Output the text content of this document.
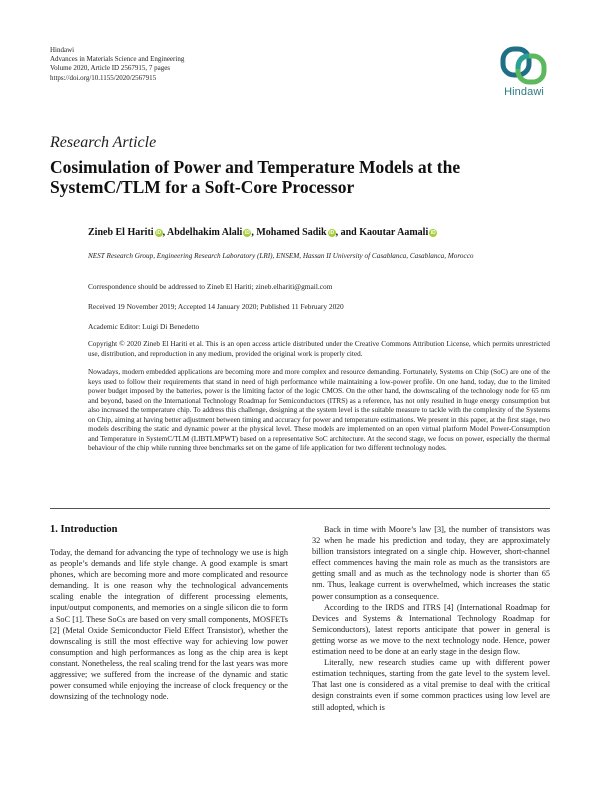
Hindawi
Advances in Materials Science and Engineering
Volume 2020, Article ID 2567915, 7 pages
https://doi.org/10.1155/2020/2567915
Hindawi
Research Article
Cosimulation of Power and Temperature Models at the SystemC/TLM for a Soft-Core Processor
Zineb El Hariti iD , Abdelhakim Alali iD , Mohamed Sadik iD , and Kaoutar Aamali iD
NEST Research Group, Engineering Research Laboratory (LRI), ENSEM, Hassan II University of Casablanca, Casablanca, Morocco
Correspondence should be addressed to Zineb El Hariti; zineb.elhariti@gmail.com
Received 19 November 2019; Accepted 14 January 2020; Published 11 February 2020
Academic Editor: Luigi Di Benedetto
Copyright © 2020 Zineb El Hariti et al. This is an open access article distributed under the Creative Commons Attribution License, which permits unrestricted use, distribution, and reproduction in any medium, provided the original work is properly cited.
Nowadays, modern embedded applications are becoming more and more complex and resource demanding. Fortunately, Systems on Chip (SoC) are one of the keys used to follow their requirements that stand in need of high performance while maintaining a low-power profile. On one hand, today, due to the limited power budget imposed by the batteries, power is the limiting factor of the logic CMOS. On the other hand, the downscaling of the technology node for 65 nm and beyond, based on the International Technology Roadmap for Semiconductors (ITRS) as a reference, has not only resulted in huge energy consumption but also increased the temperature chip. To address this challenge, designing at the system level is the suitable measure to tackle with the complexity of the Systems on Chip, aiming at having better adjustment between timing and accuracy for power and temperature estimations. We present in this paper, at the first stage, two models describing the static and dynamic power at the physical level. These models are implemented on an open virtual platform Model Power-Consumption and Temperature in SystemC/TLM (LIBTLMPWT) based on a representative SoC architecture. At the second stage, we focus on power, especially the thermal behaviour of the chip while running three benchmarks set on the game of life application for two different technology nodes.
1. Introduction

Today, the demand for advancing the type of technology we use is high as people’s demands and life style change. A good example is smart phones, which are becoming more and more complicated and resource demanding. It is one reason why the technological advancements scaling enable the integration of different processing elements, input/output components, and memories on a single silicon die to form a SoC [1]. These SoCs are based on very small components, MOSFETs [2] (Metal Oxide Semiconductor Field Effect Transistor), whether the downscaling is still the most effective way for achieving low power consumption and high performances as long as the chip area is kept constant. Nonetheless, the real scaling trend for the last years was more aggressive; we suffered from the increase of the dynamic and static power consumed while enjoying the increase of clock frequency or the downsizing of the technology node.

Back in time with Moore’s law [3], the number of transistors was 32 when he made his prediction and today, they are approximately billion transistors integrated on a single chip. However, short-channel effect commences having the main role as much as the transistors are getting small and as much as the technology node is shorter than 65 nm. Thus, leakage current is overwhelmed, which increases the static power consumption as a consequence.

According to the IRDS and ITRS [4] (International Roadmap for Devices and Systems & International Technology Roadmap for Semiconductors), latest reports anticipate that power in general is getting worse as we move to the next technology node. Hence, power estimation need to be done at an early stage in the design flow.

Literally, new research studies came up with different power estimation techniques, starting from the gate level to the system level. That last one is considered as a vital premise to deal with the critical design constraints even if some common practices using low level are still adopted, which is
